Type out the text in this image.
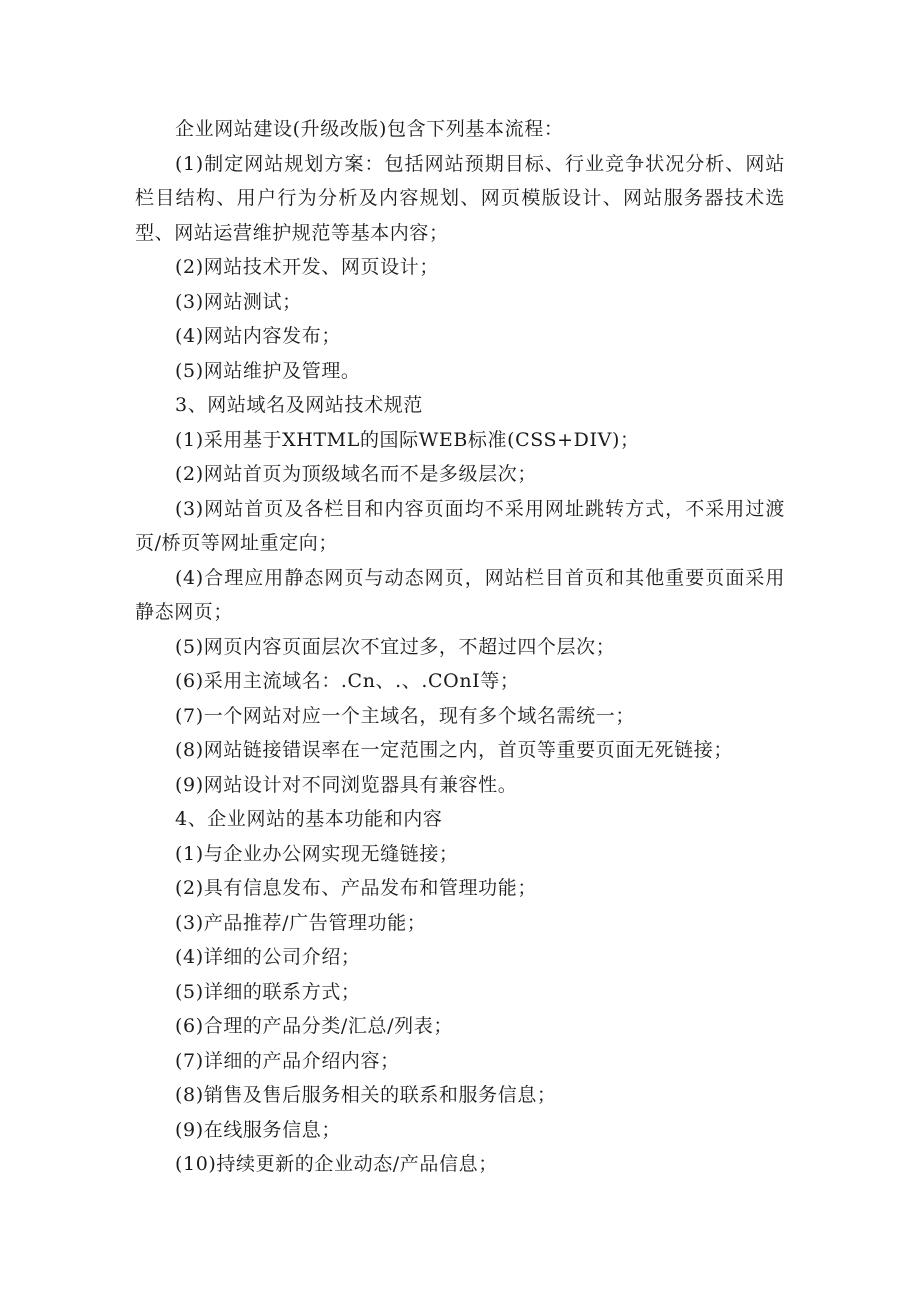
企业网站建设(升级改版)包含下列基本流程：

(1)制定网站规划方案：包括网站预期目标、行业竞争状况分析、网站栏目结构、用户行为分析及内容规划、网页模版设计、网站服务器技术选型、网站运营维护规范等基本内容；

(2)网站技术开发、网页设计；

(3)网站测试；

(4)网站内容发布；

(5)网站维护及管理。

3、网站域名及网站技术规范

(1)采用基于XHTML的国际WEB标准(CSS+DIV)；

(2)网站首页为顶级域名而不是多级层次；

(3)网站首页及各栏目和内容页面均不采用网址跳转方式，不采用过渡页/桥页等网址重定向；

(4)合理应用静态网页与动态网页，网站栏目首页和其他重要页面采用静态网页；

(5)网页内容页面层次不宜过多，不超过四个层次；

(6)采用主流域名：.Cn、.、.COnI等；

(7)一个网站对应一个主域名，现有多个域名需统一；

(8)网站链接错误率在一定范围之内，首页等重要页面无死链接；

(9)网站设计对不同浏览器具有兼容性。

4、企业网站的基本功能和内容

(1)与企业办公网实现无缝链接；

(2)具有信息发布、产品发布和管理功能；

(3)产品推荐/广告管理功能；

(4)详细的公司介绍；

(5)详细的联系方式；

(6)合理的产品分类/汇总/列表；

(7)详细的产品介绍内容；

(8)销售及售后服务相关的联系和服务信息；

(9)在线服务信息；

(10)持续更新的企业动态/产品信息；
